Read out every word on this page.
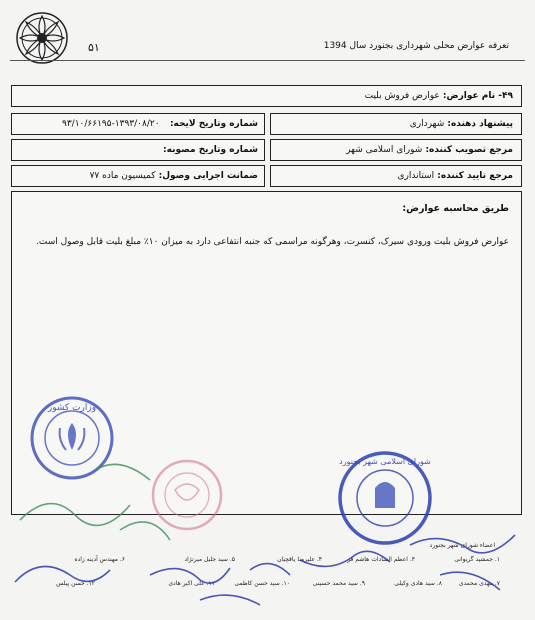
۵۱	تعرفه عوارض محلی شهرداری بجنورد سال 1394
۴۹- نام عوارض: عوارض فروش بلیت
پیشنهاد دهنده: شهرداری
شماره وتاریخ لایحه:
۹۳/۱۰/۶۶۱۹۵-۱۳۹۳/۰۸/۲۰
مرجع تصویب کننده: شورای اسلامی شهر
شماره وتاریخ مصوبه:
مرجع تایید کننده: استانداری
ضمانت اجرایی وصول: کمیسیون ماده ۷۷
طریق محاسبه عوارض:
عوارض فروش بلیت ورودی سیرک، کنسرت، وهرگونه مراسمی که جنبه انتفاعی دارد به میزان ۱۰٪ مبلغ بلیت قابل وصول است.
اعضاء شورای شهر بجنورد
۱. جمشید گریوانی
۳. اعظم السادات هاشم فر
۴. علیرضا یاقچیان
۵. سید جلیل میرنژاد
۶. مهندس آدینه زاده
۷. مهدی محمدی
۸. سید هادی وکیلی
۹. سید محمد حسینی
۱۰. سید حسن کاظمی
۱۱. علی اکبر هادی
۱۲. حسن پیلس
وزارت کشور
شورای اسلامی شهر بجنورد
